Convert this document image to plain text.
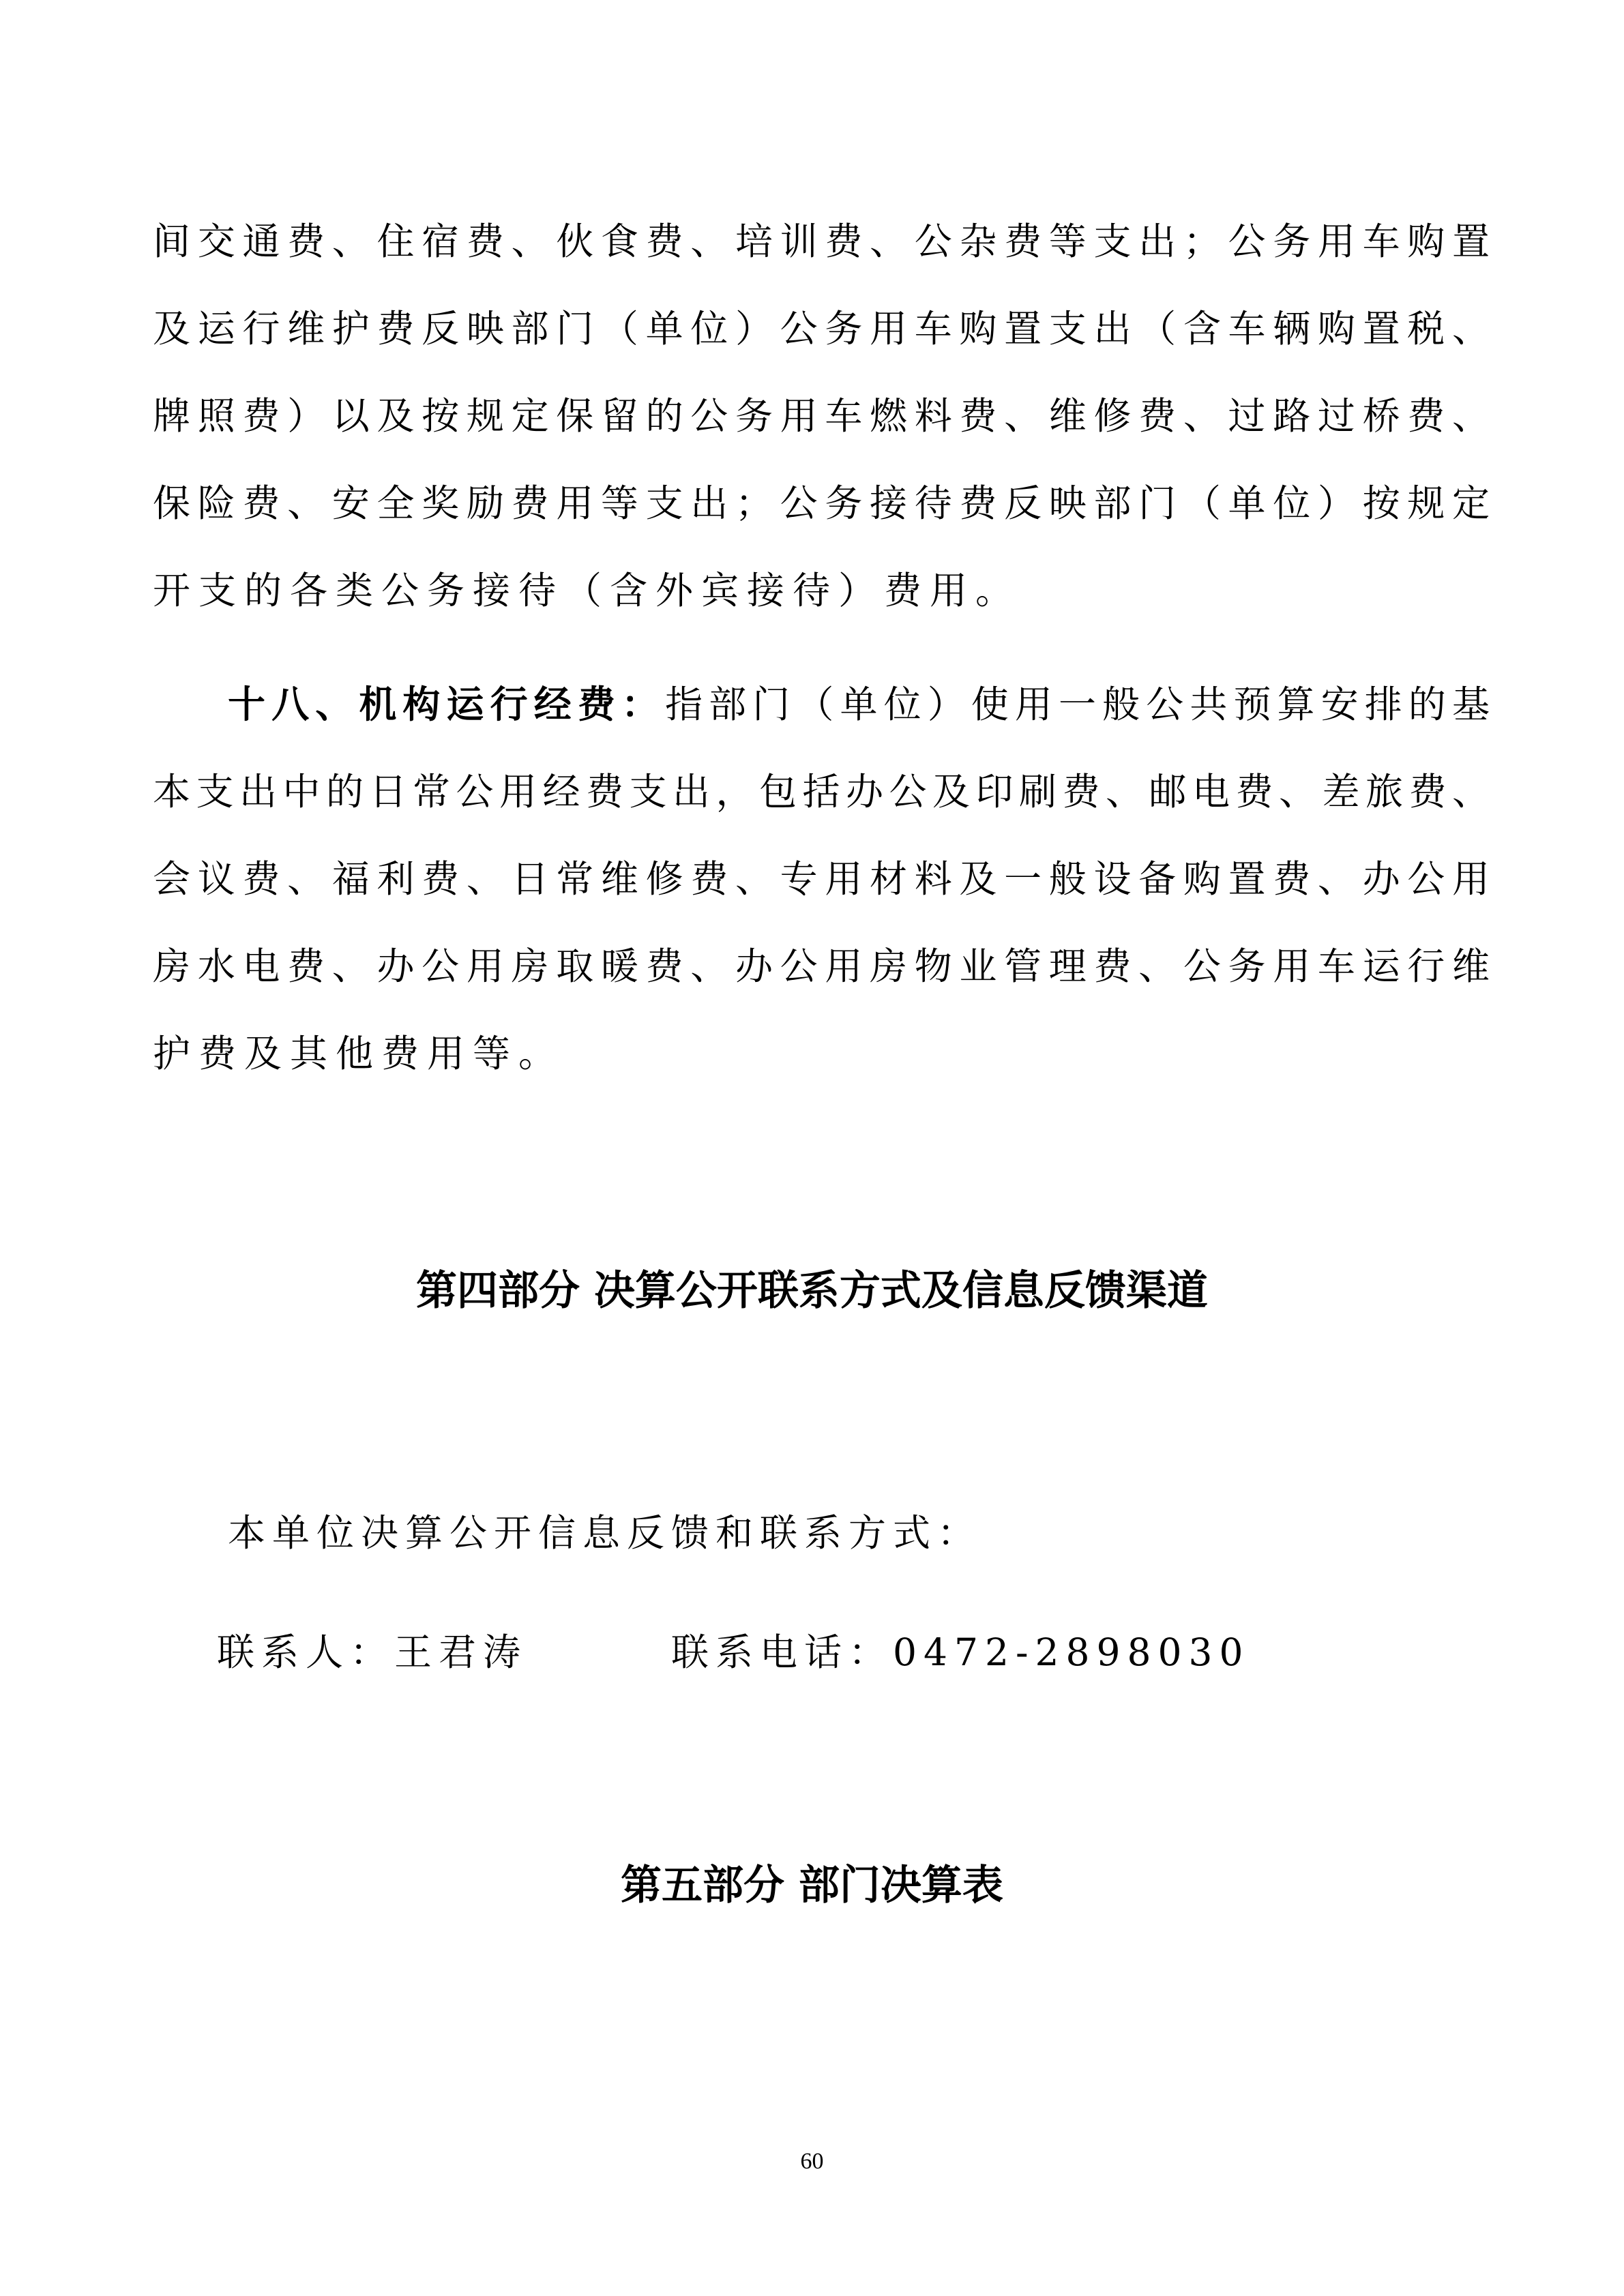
间交通费、住宿费、伙食费、培训费、公杂费等支出；公务用车购置
及运行维护费反映部门（单位）公务用车购置支出（含车辆购置税、
牌照费）以及按规定保留的公务用车燃料费、维修费、过路过桥费、
保险费、安全奖励费用等支出；公务接待费反映部门（单位）按规定
开支的各类公务接待（含外宾接待）费用。
十八、机构运行经费：指部门（单位）使用一般公共预算安排的基
本支出中的日常公用经费支出，包括办公及印刷费、邮电费、差旅费、
会议费、福利费、日常维修费、专用材料及一般设备购置费、办公用
房水电费、办公用房取暖费、办公用房物业管理费、公务用车运行维
护费及其他费用等。
第四部分 决算公开联系方式及信息反馈渠道
本单位决算公开信息反馈和联系方式：
联系人：王君涛	联系电话：0472-2898030
第五部分 部门决算表
60
